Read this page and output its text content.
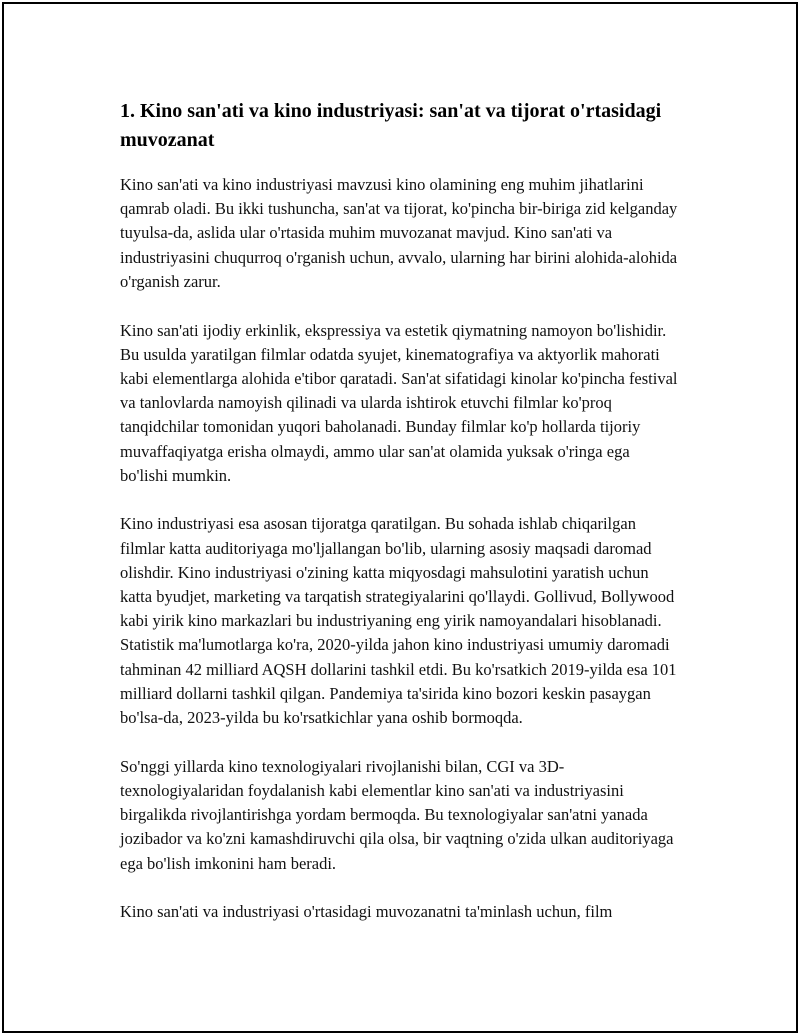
1. Kino san'ati va kino industriyasi: san'at va tijorat o'rtasidagi muvozanat

Kino san'ati va kino industriyasi mavzusi kino olamining eng muhim jihatlarini qamrab oladi. Bu ikki tushuncha, san'at va tijorat, ko'pincha bir-biriga zid kelganday tuyulsa-da, aslida ular o'rtasida muhim muvozanat mavjud. Kino san'ati va industriyasini chuqurroq o'rganish uchun, avvalo, ularning har birini alohida-alohida o'rganish zarur.

Kino san'ati ijodiy erkinlik, ekspressiya va estetik qiymatning namoyon bo'lishidir. Bu usulda yaratilgan filmlar odatda syujet, kinematografiya va aktyorlik mahorati kabi elementlarga alohida e'tibor qaratadi. San'at sifatidagi kinolar ko'pincha festival va tanlovlarda namoyish qilinadi va ularda ishtirok etuvchi filmlar ko'proq tanqidchilar tomonidan yuqori baholanadi. Bunday filmlar ko'p hollarda tijoriy muvaffaqiyatga erisha olmaydi, ammo ular san'at olamida yuksak o'ringa ega bo'lishi mumkin.

Kino industriyasi esa asosan tijoratga qaratilgan. Bu sohada ishlab chiqarilgan filmlar katta auditoriyaga mo'ljallangan bo'lib, ularning asosiy maqsadi daromad olishdir. Kino industriyasi o'zining katta miqyosdagi mahsulotini yaratish uchun katta byudjet, marketing va tarqatish strategiyalarini qo'llaydi. Gollivud, Bollywood kabi yirik kino markazlari bu industriyaning eng yirik namoyandalari hisoblanadi. Statistik ma'lumotlarga ko'ra, 2020-yilda jahon kino industriyasi umumiy daromadi tahminan 42 milliard AQSH dollarini tashkil etdi. Bu ko'rsatkich 2019-yilda esa 101 milliard dollarni tashkil qilgan. Pandemiya ta'sirida kino bozori keskin pasaygan bo'lsa-da, 2023-yilda bu ko'rsatkichlar yana oshib bormoqda.

So'nggi yillarda kino texnologiyalari rivojlanishi bilan, CGI va 3D-texnologiyalaridan foydalanish kabi elementlar kino san'ati va industriyasini birgalikda rivojlantirishga yordam bermoqda. Bu texnologiyalar san'atni yanada jozibador va ko'zni kamashdiruvchi qila olsa, bir vaqtning o'zida ulkan auditoriyaga ega bo'lish imkonini ham beradi.

Kino san'ati va industriyasi o'rtasidagi muvozanatni ta'minlash uchun, film
